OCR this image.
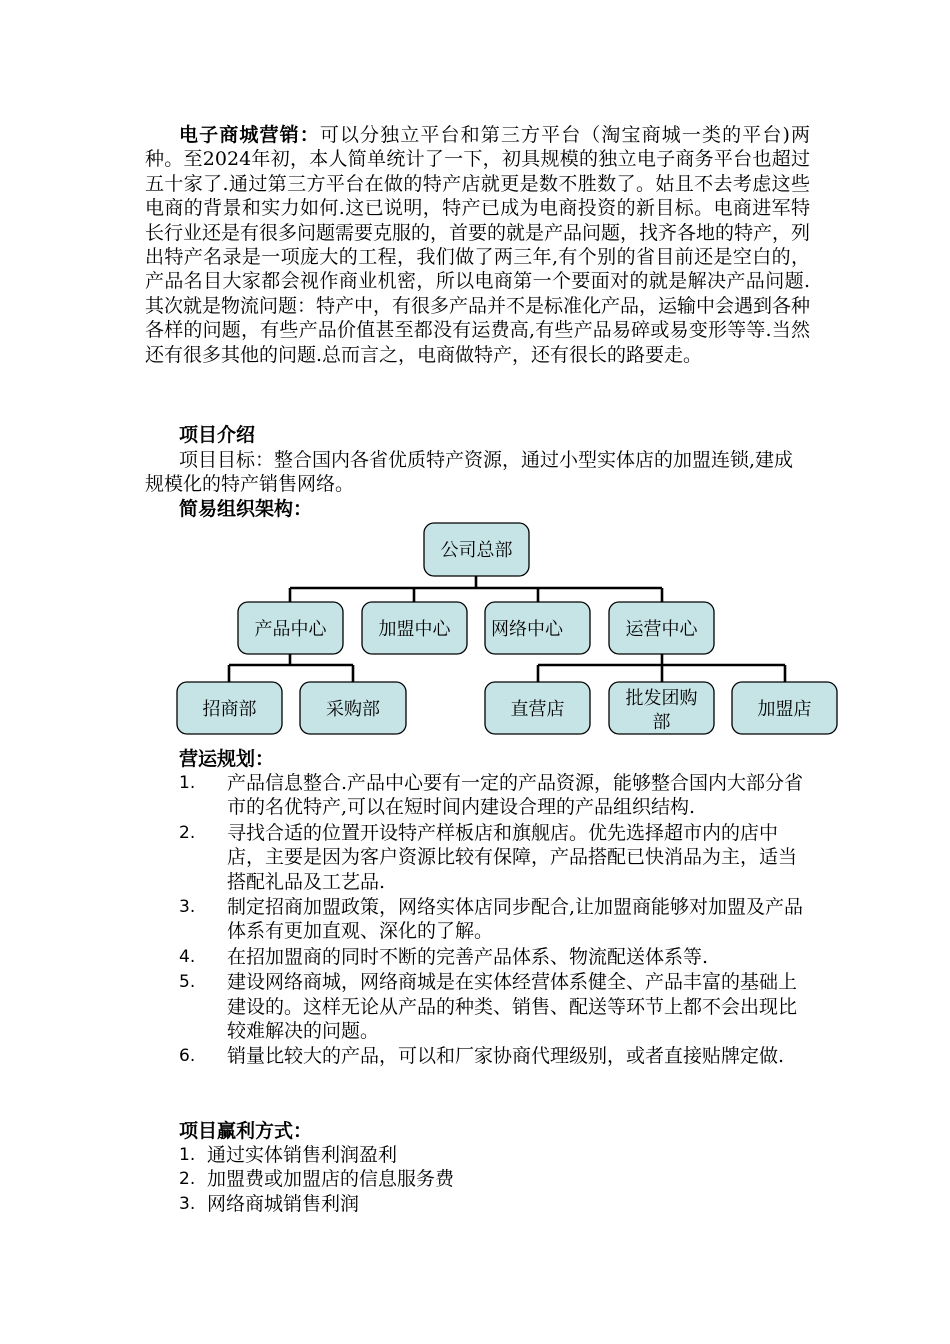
电子商城营销：可以分独立平台和第三方平台（淘宝商城一类的平台)两种。至2024年初，本人简单统计了一下，初具规模的独立电子商务平台也超过五十家了.通过第三方平台在做的特产店就更是数不胜数了。姑且不去考虑这些电商的背景和实力如何.这已说明，特产已成为电商投资的新目标。电商进军特长行业还是有很多问题需要克服的，首要的就是产品问题，找齐各地的特产，列出特产名录是一项庞大的工程，我们做了两三年,有个别的省目前还是空白的，产品名目大家都会视作商业机密，所以电商第一个要面对的就是解决产品问题.其次就是物流问题：特产中，有很多产品并不是标准化产品，运输中会遇到各种各样的问题，有些产品价值甚至都没有运费高,有些产品易碎或易变形等等.当然还有很多其他的问题.总而言之，电商做特产，还有很长的路要走。

项目介绍

项目目标：整合国内各省优质特产资源，通过小型实体店的加盟连锁,建成规模化的特产销售网络。

简易组织架构：
公司总部
产品中心	加盟中心 网络中心	运营中心
招商部	采购部	直营店
批发团购
部
加盟店
营运规划：
1. 产品信息整合.产品中心要有一定的产品资源，能够整合国内大部分省市的名优特产,可以在短时间内建设合理的产品组织结构.
2. 寻找合适的位置开设特产样板店和旗舰店。优先选择超市内的店中店，主要是因为客户资源比较有保障，产品搭配已快消品为主，适当搭配礼品及工艺品.
3. 制定招商加盟政策，网络实体店同步配合,让加盟商能够对加盟及产品体系有更加直观、深化的了解。
4. 在招加盟商的同时不断的完善产品体系、物流配送体系等.
5. 建设网络商城，网络商城是在实体经营体系健全、产品丰富的基础上建设的。这样无论从产品的种类、销售、配送等环节上都不会出现比较难解决的问题。
6. 销量比较大的产品，可以和厂家协商代理级别，或者直接贴牌定做.
项目赢利方式：
1. 通过实体销售利润盈利
2. 加盟费或加盟店的信息服务费
3. 网络商城销售利润
